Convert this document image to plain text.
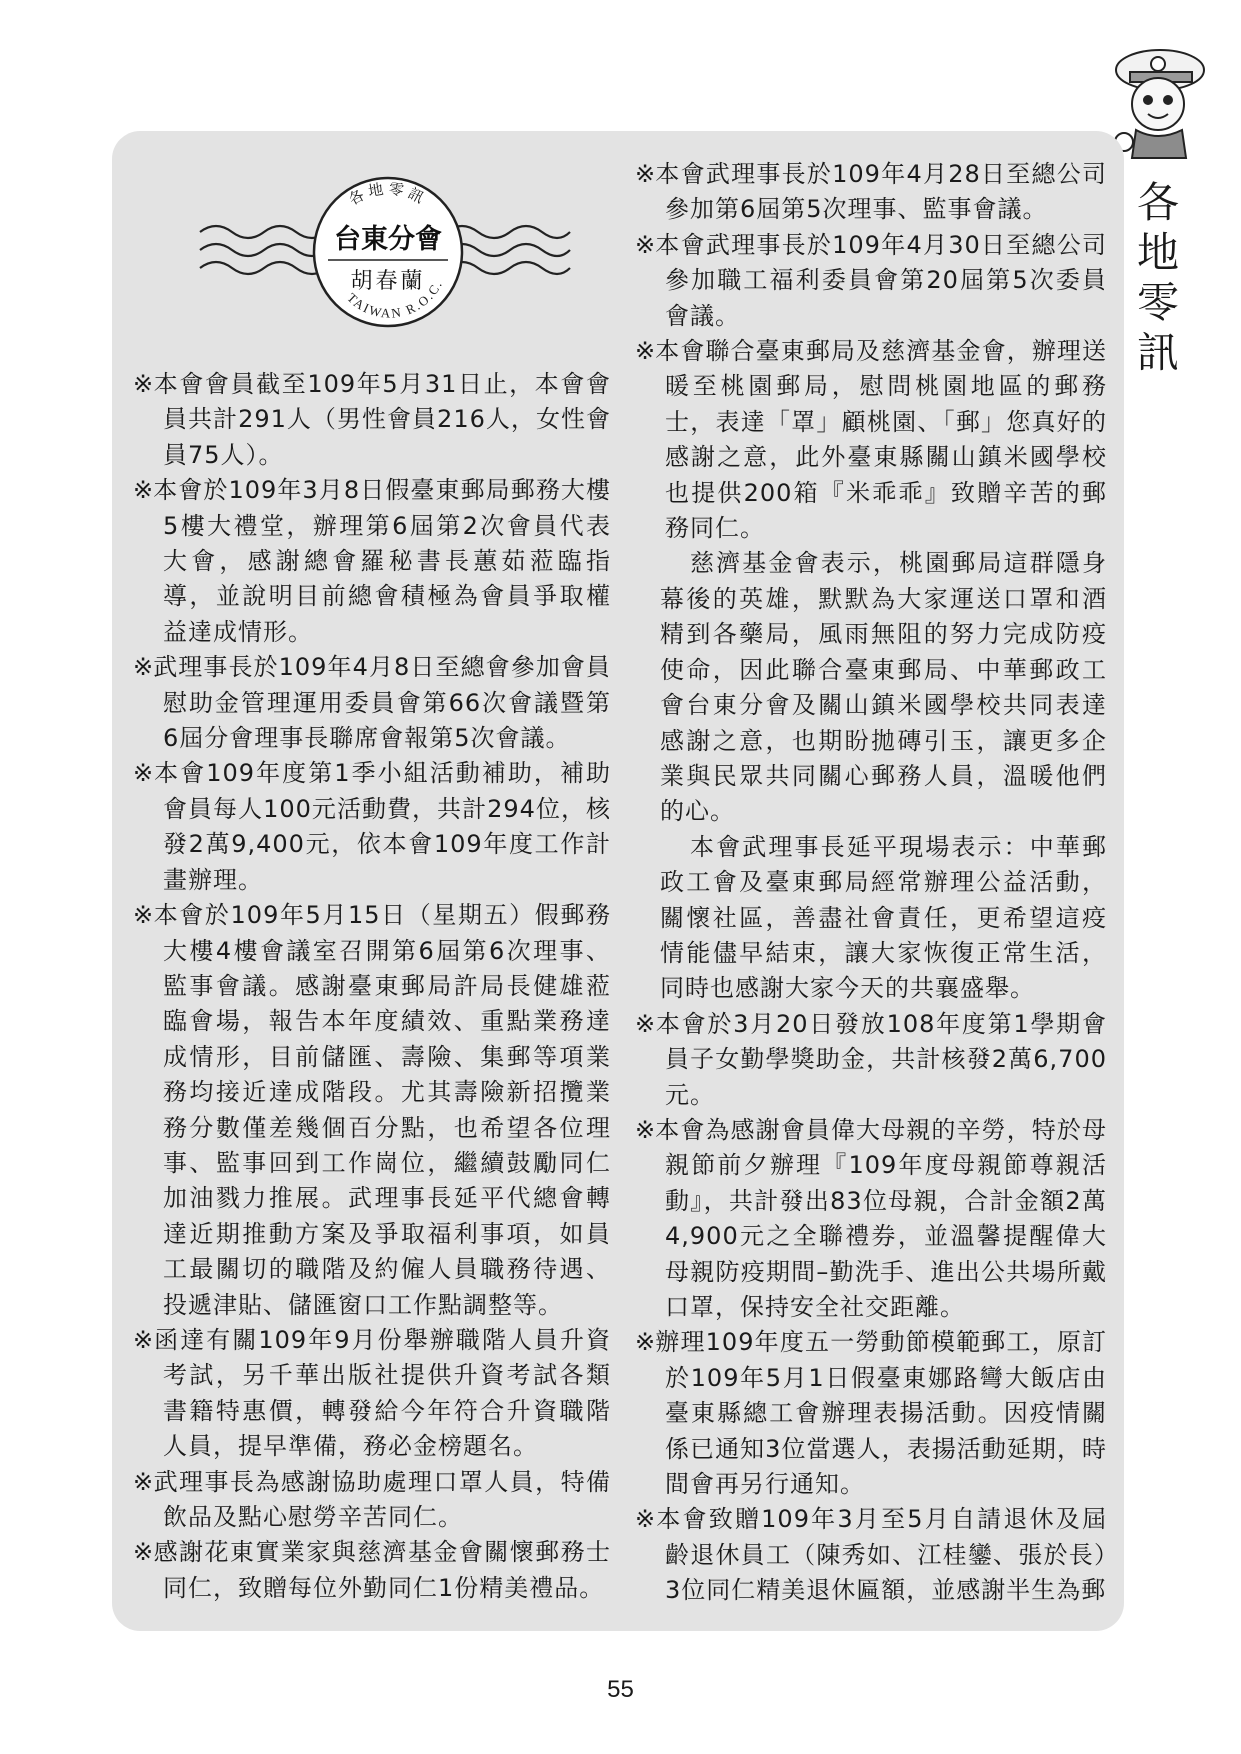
各
地
零
訊
各地零訊
TAIWAN R.O.C.
台東分會
胡春蘭

※本會會員截至109年5月31日止，本會會員共計291人（男性會員216人，女性會員75人）。

※本會於109年3月8日假臺東郵局郵務大樓5樓大禮堂，辦理第6屆第2次會員代表大會，感謝總會羅秘書長蕙茹蒞臨指導，並說明目前總會積極為會員爭取權益達成情形。

※武理事長於109年4月8日至總會參加會員慰助金管理運用委員會第66次會議暨第6屆分會理事長聯席會報第5次會議。

※本會109年度第1季小組活動補助，補助會員每人100元活動費，共計294位，核發2萬9,400元，依本會109年度工作計畫辦理。

※本會於109年5月15日（星期五）假郵務大樓4樓會議室召開第6屆第6次理事、監事會議。感謝臺東郵局許局長健雄蒞臨會場，報告本年度績效、重點業務達成情形，目前儲匯、壽險、集郵等項業務均接近達成階段。尤其壽險新招攬業務分數僅差幾個百分點，也希望各位理事、監事回到工作崗位，繼續鼓勵同仁加油戮力推展。武理事長延平代總會轉達近期推動方案及爭取福利事項，如員工最關切的職階及約僱人員職務待遇、投遞津貼、儲匯窗口工作點調整等。

※函達有關109年9月份舉辦職階人員升資考試，另千華出版社提供升資考試各類書籍特惠價，轉發給今年符合升資職階人員，提早準備，務必金榜題名。

※武理事長為感謝協助處理口罩人員，特備飲品及點心慰勞辛苦同仁。

※感謝花東實業家與慈濟基金會關懷郵務士同仁，致贈每位外勤同仁1份精美禮品。

※本會武理事長於109年4月28日至總公司參加第6屆第5次理事、監事會議。

※本會武理事長於109年4月30日至總公司參加職工福利委員會第20屆第5次委員會議。

※本會聯合臺東郵局及慈濟基金會，辦理送暖至桃園郵局，慰問桃園地區的郵務士，表達「罩」顧桃園、「郵」您真好的感謝之意，此外臺東縣關山鎮米國學校也提供200箱『米乖乖』致贈辛苦的郵務同仁。

慈濟基金會表示，桃園郵局這群隱身幕後的英雄，默默為大家運送口罩和酒精到各藥局，風雨無阻的努力完成防疫使命，因此聯合臺東郵局、中華郵政工會台東分會及關山鎮米國學校共同表達感謝之意，也期盼拋磚引玉，讓更多企業與民眾共同關心郵務人員，溫暖他們的心。

本會武理事長延平現場表示：中華郵政工會及臺東郵局經常辦理公益活動，關懷社區，善盡社會責任，更希望這疫情能儘早結束，讓大家恢復正常生活，同時也感謝大家今天的共襄盛舉。

※本會於3月20日發放108年度第1學期會員子女勤學獎助金，共計核發2萬6,700元。

※本會為感謝會員偉大母親的辛勞，特於母親節前夕辦理『109年度母親節尊親活動』，共計發出83位母親，合計金額2萬4,900元之全聯禮券，並溫馨提醒偉大母親防疫期間–勤洗手、進出公共場所戴口罩，保持安全社交距離。

※辦理109年度五一勞動節模範郵工，原訂於109年5月1日假臺東娜路彎大飯店由臺東縣總工會辦理表揚活動。因疫情關係已通知3位當選人，表揚活動延期，時間會再另行通知。

※本會致贈109年3月至5月自請退休及屆齡退休員工（陳秀如、江桂鑾、張於長）3位同仁精美退休匾額，並感謝半生為郵

55
